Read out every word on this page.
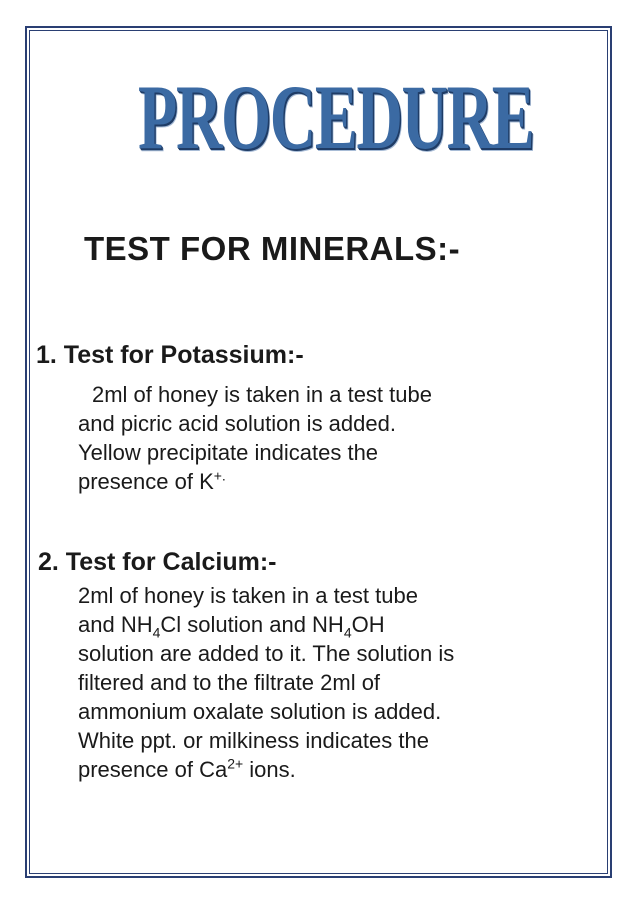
PROCEDURE
TEST FOR MINERALS:-
1. Test for Potassium:-

2ml of honey is taken in a test tube
and picric acid solution is added.
Yellow precipitate indicates the
presence of K+.

2. Test for Calcium:-

2ml of honey is taken in a test tube
and $NH_4Cl$ solution and $NH_4OH$
solution are added to it. The solution is
filtered and to the filtrate 2ml of
ammonium oxalate solution is added.
White ppt. or milkiness indicates the
presence of $Ca^{2+}$ ions.
